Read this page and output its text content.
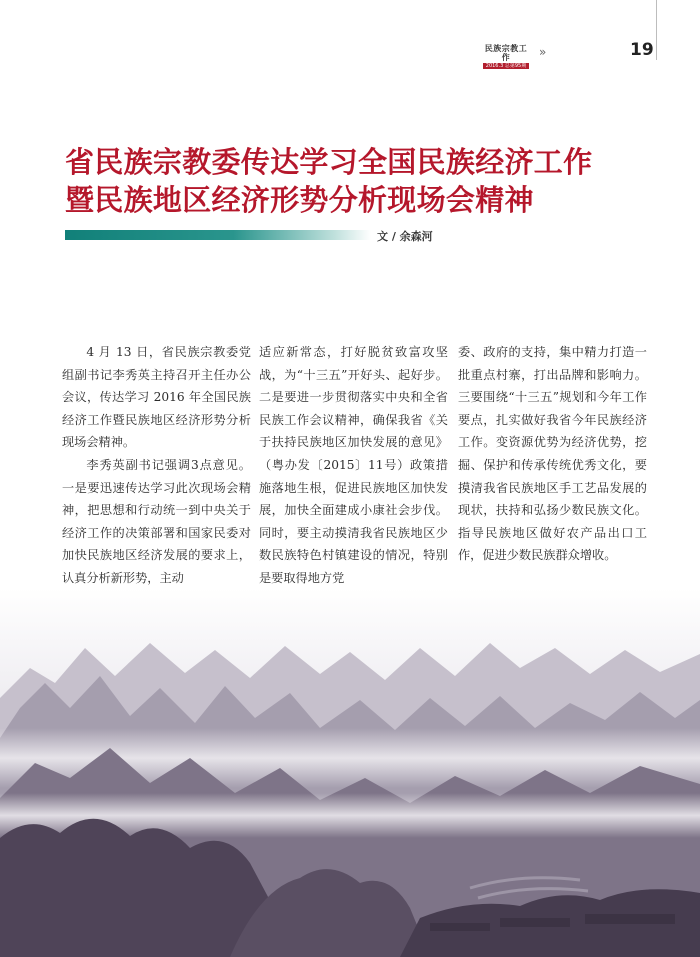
民族宗教工作
2016.3 总第95期
»	19
省民族宗教委传达学习全国民族经济工作
暨民族地区经济形势分析现场会精神
文 / 余森河

4 月 13 日，省民族宗教委党组副书记李秀英主持召开主任办公会议，传达学习 2016 年全国民族经济工作暨民族地区经济形势分析现场会精神。

李秀英副书记强调3点意见。一是要迅速传达学习此次现场会精神，把思想和行动统一到中央关于经济工作的决策部署和国家民委对加快民族地区经济发展的要求上，认真分析新形势，主动

适应新常态，打好脱贫致富攻坚战，为“十三五”开好头、起好步。二是要进一步贯彻落实中央和全省民族工作会议精神，确保我省《关于扶持民族地区加快发展的意见》（粤办发〔2015〕11号）政策措施落地生根，促进民族地区加快发展，加快全面建成小康社会步伐。同时，要主动摸清我省民族地区少数民族特色村镇建设的情况，特别是要取得地方党

委、政府的支持，集中精力打造一批重点村寨，打出品牌和影响力。三要围绕“十三五”规划和今年工作要点，扎实做好我省今年民族经济工作。变资源优势为经济优势，挖掘、保护和传承传统优秀文化，要摸清我省民族地区手工艺品发展的现状，扶持和弘扬少数民族文化。指导民族地区做好农产品出口工作，促进少数民族群众增收。
